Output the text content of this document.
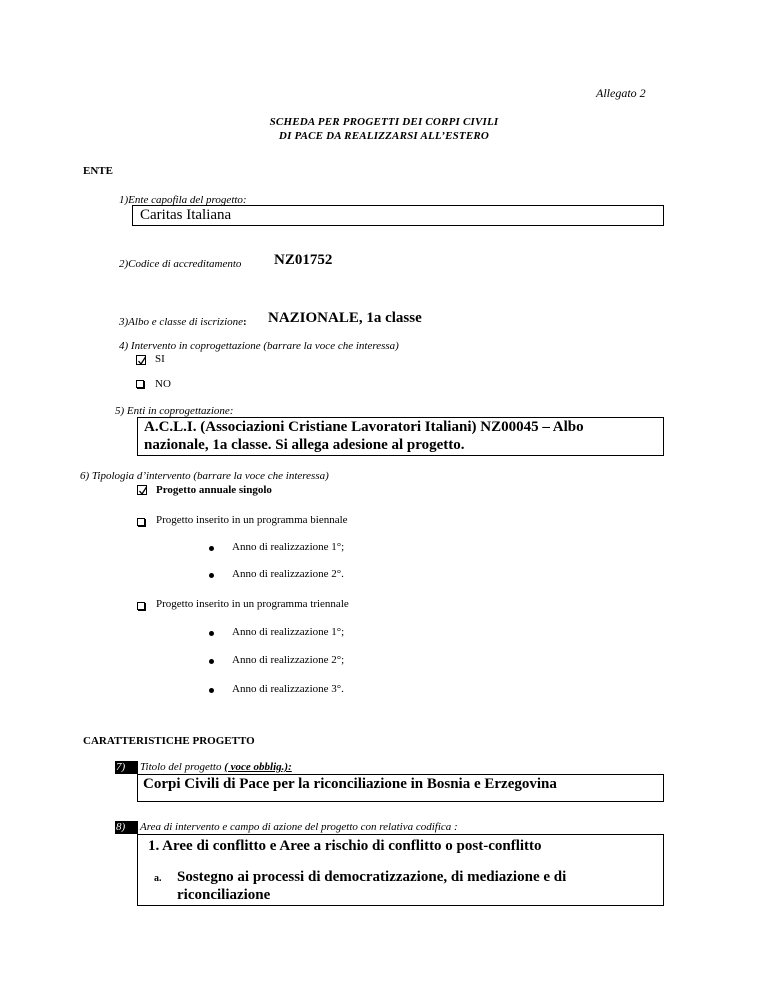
Allegato 2
SCHEDA PER PROGETTI DEI CORPI CIVILI
DI PACE DA REALIZZARSI ALL’ESTERO
ENTE
1)Ente capofila del progetto:
Caritas Italiana
2)Codice di accreditamento NZ01752
3)Albo e classe di iscrizione: NAZIONALE, 1a classe
4) Intervento in coprogettazione (barrare la voce che interessa)
SI
NO
5) Enti in coprogettazione:
A.C.L.I. (Associazioni Cristiane Lavoratori Italiani) NZ00045 – Albo
nazionale, 1a classe. Si allega adesione al progetto.
6) Tipologia d’intervento (barrare la voce che interessa)
Progetto annuale singolo
Progetto inserito in un programma biennale
Anno di realizzazione 1°;
Anno di realizzazione 2°.
Progetto inserito in un programma triennale
Anno di realizzazione 1°;
Anno di realizzazione 2°;
Anno di realizzazione 3°.
CARATTERISTICHE PROGETTO
7)	Titolo del progetto ( voce obblig.):
Corpi Civili di Pace per la riconciliazione in Bosnia e Erzegovina
8)	Area di intervento e campo di azione del progetto con relativa codifica :
1. Aree di conflitto e Aree a rischio di conflitto o post-conflitto
a. Sostegno ai processi di democratizzazione, di mediazione e di
riconciliazione
